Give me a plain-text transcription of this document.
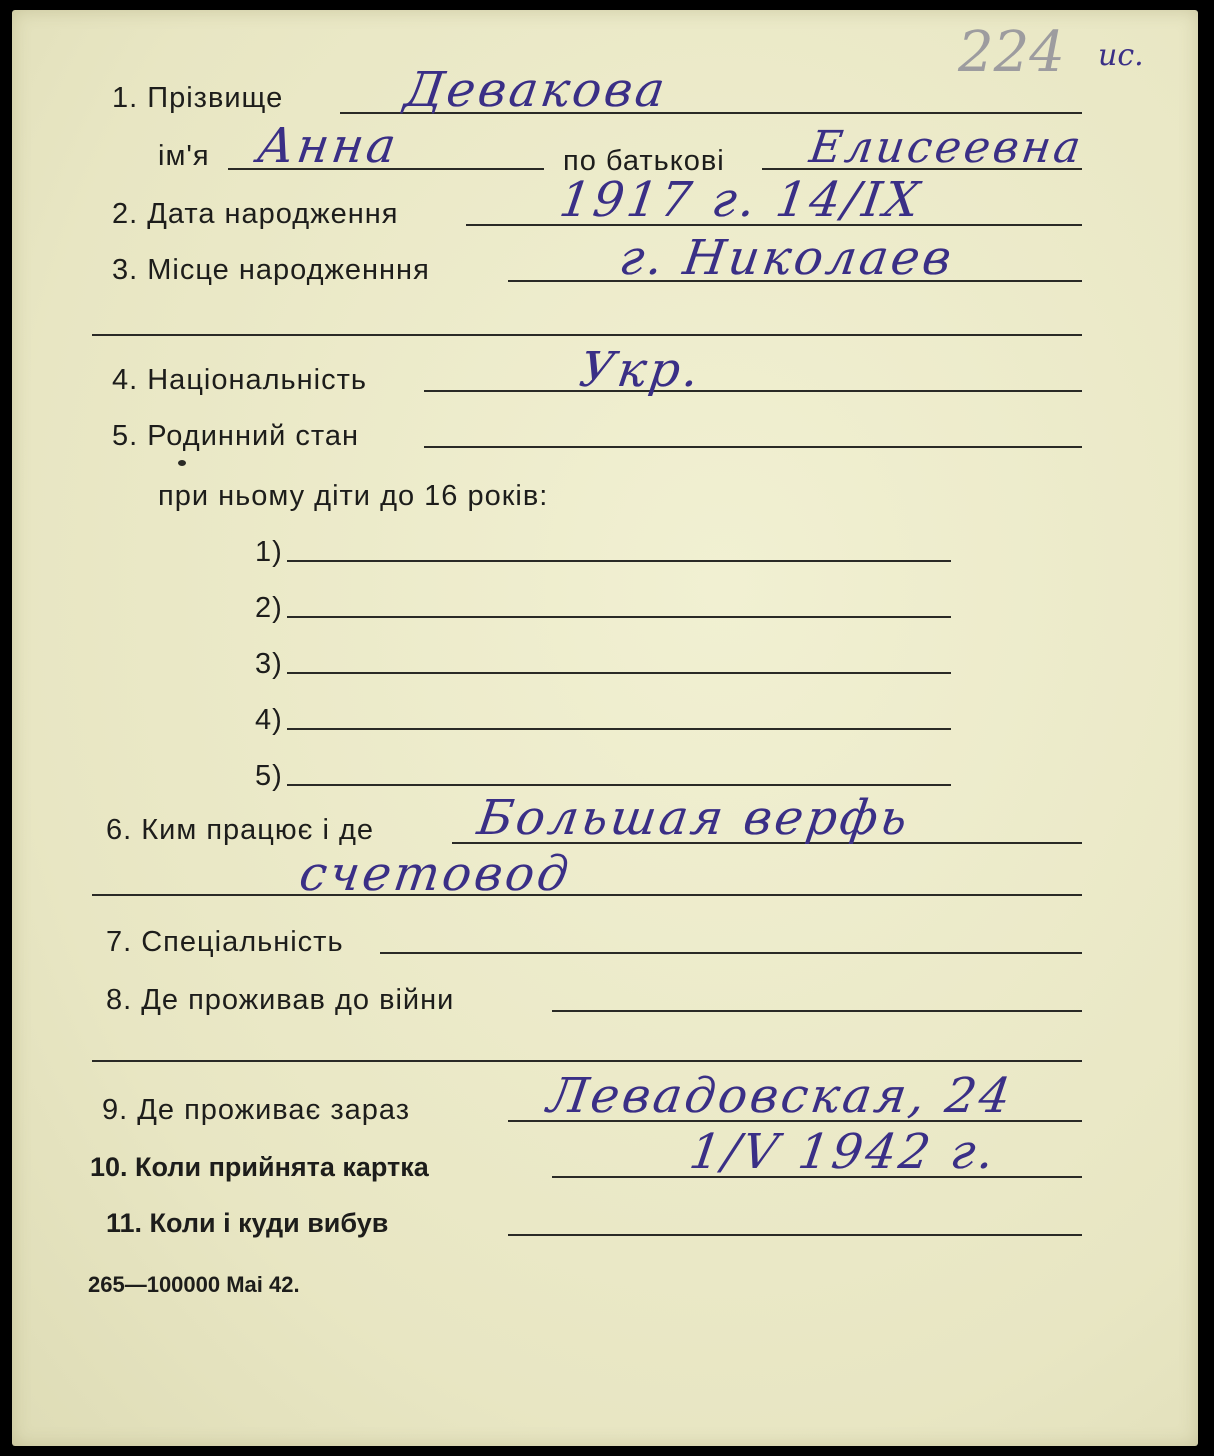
224 ис.
1. Прізвище Девакова
ім'я Анна	по батькові Елисеевна
2. Дата народження	1917 г. 14/IX
3. Місце народженння	г. Николаев
4. Національність	Укр.
5. Родинний стан
при ньому діти до 16 років:
1)
2)
3)
4)
5)
6. Ким працює і де Большая верфь
счетовод
7. Спеціальність
8. Де проживав до війни
9. Де проживає зараз	Левадовская, 24
10. Коли прийнята картка	1/V 1942 г.
11. Коли і куди вибув
265—100000 Mai 42.
